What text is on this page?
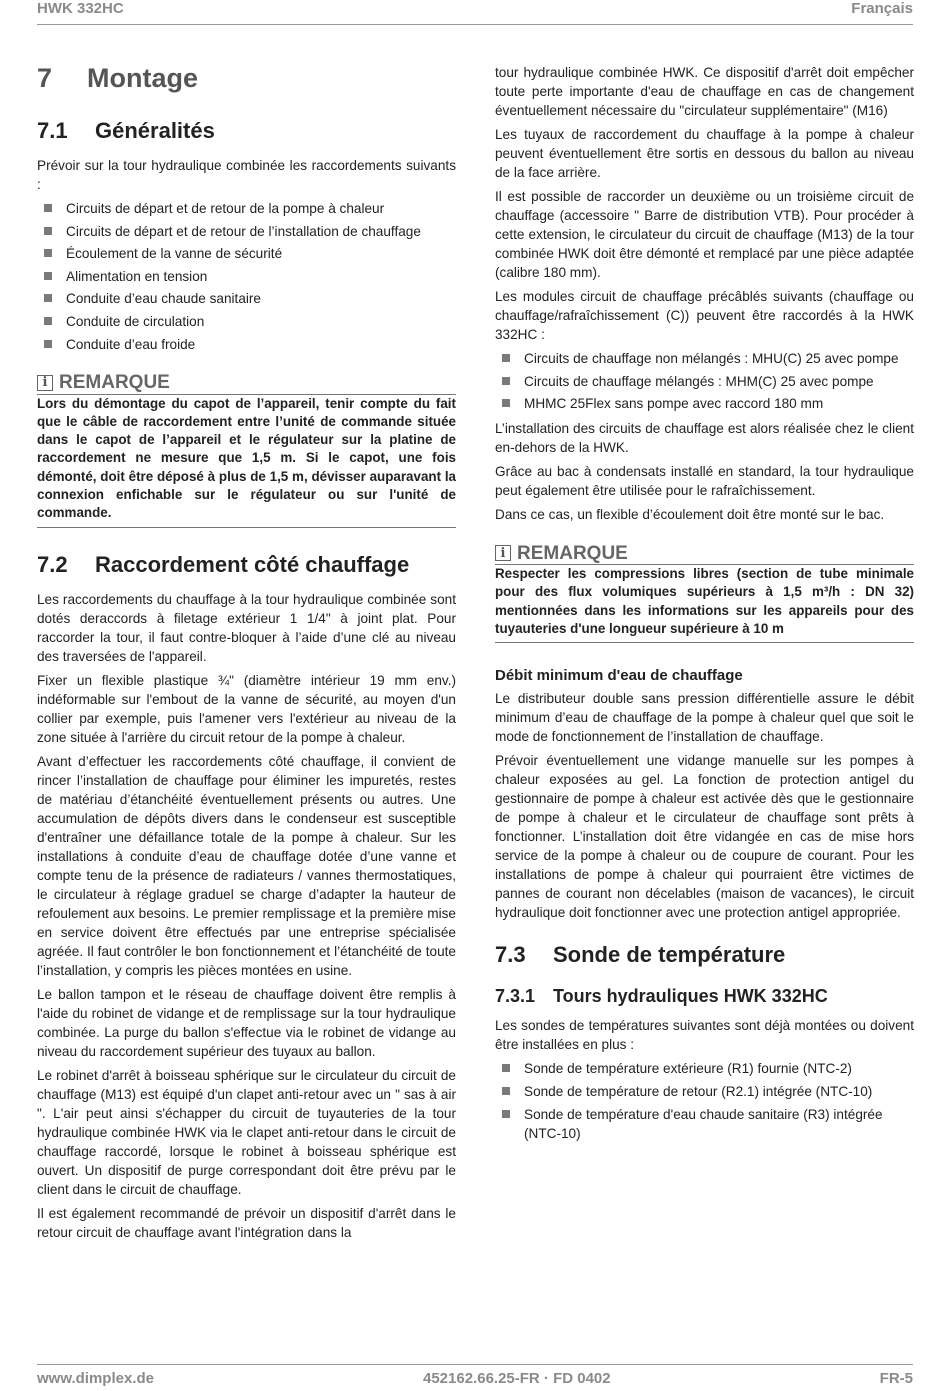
HWK 332HC	Français
7 Montage
7.1 Généralités

Prévoir sur la tour hydraulique combinée les raccordements suivants :

Circuits de départ et de retour de la pompe à chaleur
Circuits de départ et de retour de l’installation de chauffage
Écoulement de la vanne de sécurité
Alimentation en tension
Conduite d’eau chaude sanitaire
Conduite de circulation
Conduite d’eau froide
i REMARQUE
Lors du démontage du capot de l’appareil, tenir compte du fait que le câble de raccordement entre l’unité de commande située dans le capot de l’appareil et le régulateur sur la platine de raccordement ne mesure que 1,5 m. Si le capot, une fois démonté, doit être déposé à plus de 1,5 m, dévisser auparavant la connexion enfichable sur le régulateur ou sur l'unité de commande.
7.2 Raccordement côté chauffage

Les raccordements du chauffage à la tour hydraulique combinée sont dotés deraccords à filetage extérieur 1 1/4" à joint plat. Pour raccorder la tour, il faut contre-bloquer à l’aide d’une clé au niveau des traversées de l'appareil.

Fixer un flexible plastique ¾" (diamètre intérieur 19 mm env.) indéformable sur l'embout de la vanne de sécurité, au moyen d'un collier par exemple, puis l'amener vers l'extérieur au niveau de la zone située à l'arrière du circuit retour de la pompe à chaleur.

Avant d’effectuer les raccordements côté chauffage, il convient de rincer l’installation de chauffage pour éliminer les impuretés, restes de matériau d’étanchéité éventuellement présents ou autres. Une accumulation de dépôts divers dans le condenseur est susceptible d'entraîner une défaillance totale de la pompe à chaleur. Sur les installations à conduite d’eau de chauffage dotée d’une vanne et compte tenu de la présence de radiateurs / vannes thermostatiques, le circulateur à réglage graduel se charge d’adapter la hauteur de refoulement aux besoins. Le premier remplissage et la première mise en service doivent être effectués par une entreprise spécialisée agréée. Il faut contrôler le bon fonctionnement et l’étanchéité de toute l’installation, y compris les pièces montées en usine.

Le ballon tampon et le réseau de chauffage doivent être remplis à l'aide du robinet de vidange et de remplissage sur la tour hydraulique combinée. La purge du ballon s'effectue via le robinet de vidange au niveau du raccordement supérieur des tuyaux au ballon.

Le robinet d'arrêt à boisseau sphérique sur le circulateur du circuit de chauffage (M13) est équipé d'un clapet anti-retour avec un " sas à air ". L'air peut ainsi s'échapper du circuit de tuyauteries de la tour hydraulique combinée HWK via le clapet anti-retour dans le circuit de chauffage raccordé, lorsque le robinet à boisseau sphérique est ouvert. Un dispositif de purge correspondant doit être prévu par le client dans le circuit de chauffage.

Il est également recommandé de prévoir un dispositif d'arrêt dans le retour circuit de chauffage avant l'intégration dans la

tour hydraulique combinée HWK. Ce dispositif d'arrêt doit empêcher toute perte importante d'eau de chauffage en cas de changement éventuellement nécessaire du "circulateur supplémentaire" (M16)

Les tuyaux de raccordement du chauffage à la pompe à chaleur peuvent éventuellement être sortis en dessous du ballon au niveau de la face arrière.

Il est possible de raccorder un deuxième ou un troisième circuit de chauffage (accessoire " Barre de distribution VTB). Pour procéder à cette extension, le circulateur du circuit de chauffage (M13) de la tour combinée HWK doit être démonté et remplacé par une pièce adaptée (calibre 180 mm).

Les modules circuit de chauffage précâblés suivants (chauffage ou chauffage/rafraîchissement (C)) peuvent être raccordés à la HWK 332HC :

Circuits de chauffage non mélangés : MHU(C) 25 avec pompe
Circuits de chauffage mélangés : MHM(C) 25 avec pompe
MHMC 25Flex sans pompe avec raccord 180 mm

L’installation des circuits de chauffage est alors réalisée chez le client en-dehors de la HWK.

Grâce au bac à condensats installé en standard, la tour hydraulique peut également être utilisée pour le rafraîchissement.

Dans ce cas, un flexible d’écoulement doit être monté sur le bac.

i REMARQUE
Respecter les compressions libres (section de tube minimale pour des flux volumiques supérieurs à 1,5 m³/h : DN 32) mentionnées dans les informations sur les appareils pour des tuyauteries d'une longueur supérieure à 10 m
Débit minimum d'eau de chauffage

Le distributeur double sans pression différentielle assure le débit minimum d’eau de chauffage de la pompe à chaleur quel que soit le mode de fonctionnement de l’installation de chauffage.

Prévoir éventuellement une vidange manuelle sur les pompes à chaleur exposées au gel. La fonction de protection antigel du gestionnaire de pompe à chaleur est activée dès que le gestionnaire de pompe à chaleur et le circulateur de chauffage sont prêts à fonctionner. L’installation doit être vidangée en cas de mise hors service de la pompe à chaleur ou de coupure de courant. Pour les installations de pompe à chaleur qui pourraient être victimes de pannes de courant non décelables (maison de vacances), le circuit hydraulique doit fonctionner avec une protection antigel appropriée.

7.3 Sonde de température
7.3.1 Tours hydrauliques HWK 332HC

Les sondes de températures suivantes sont déjà montées ou doivent être installées en plus :

Sonde de température extérieure (R1) fournie (NTC-2)
Sonde de température de retour (R2.1) intégrée (NTC-10)
Sonde de température d'eau chaude sanitaire (R3) intégrée (NTC-10)
www.dimplex.de	452162.66.25-FR · FD 0402	FR-5
